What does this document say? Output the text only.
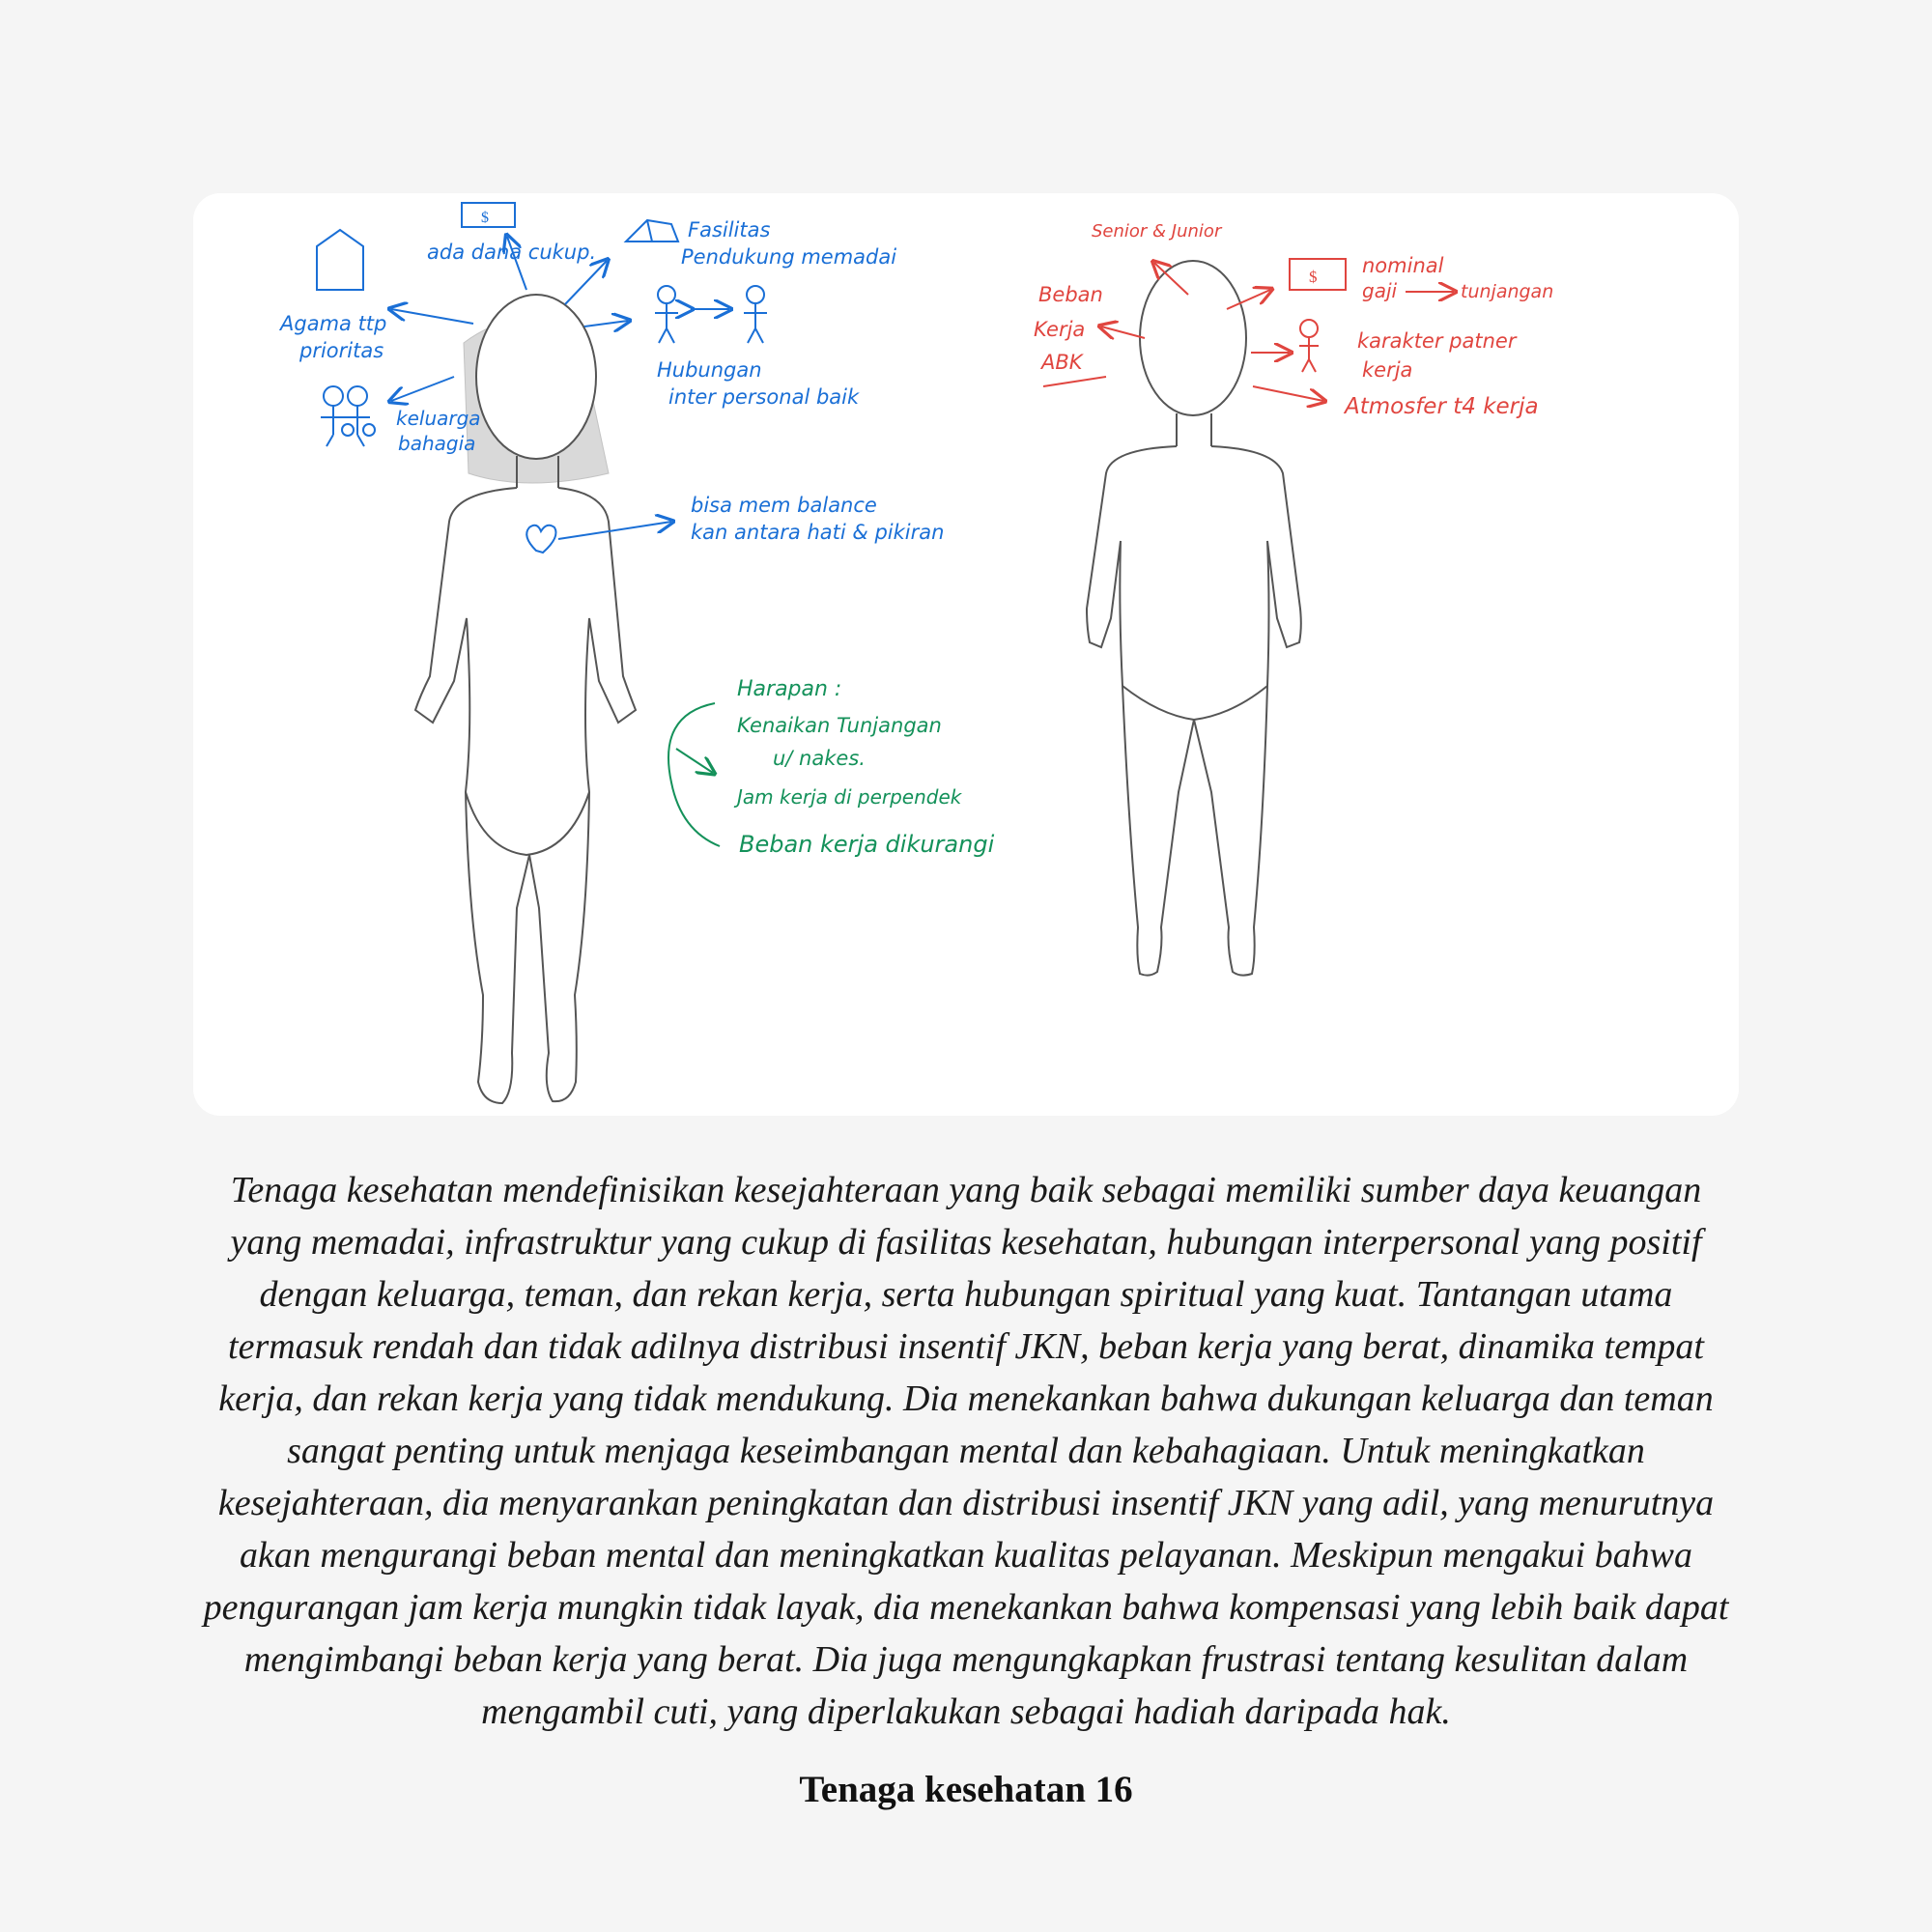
$
ada dana cukup.
Agama ttp
prioritas
Fasilitas
Pendukung memadai
Hubungan
inter personal baik
keluarga
bahagia
bisa mem balance
kan antara hati & pikiran
Harapan :
Kenaikan Tunjangan
u/ nakes.
Jam kerja di perpendek
Beban kerja dikurangi
Senior & Junior
Beban
Kerja
ABK
$ nominal
gaji	tunjangan
karakter patner
kerja
Atmosfer t4 kerja
Tenaga kesehatan mendefinisikan kesejahteraan yang baik sebagai memiliki sumber daya keuangan yang memadai, infrastruktur yang cukup di fasilitas kesehatan, hubungan interpersonal yang positif dengan keluarga, teman, dan rekan kerja, serta hubungan spiritual yang kuat. Tantangan utama termasuk rendah dan tidak adilnya distribusi insentif JKN, beban kerja yang berat, dinamika tempat kerja, dan rekan kerja yang tidak mendukung. Dia menekankan bahwa dukungan keluarga dan teman sangat penting untuk menjaga keseimbangan mental dan kebahagiaan. Untuk meningkatkan kesejahteraan, dia menyarankan peningkatan dan distribusi insentif JKN yang adil, yang menurutnya akan mengurangi beban mental dan meningkatkan kualitas pelayanan. Meskipun mengakui bahwa pengurangan jam kerja mungkin tidak layak, dia menekankan bahwa kompensasi yang lebih baik dapat mengimbangi beban kerja yang berat. Dia juga mengungkapkan frustrasi tentang kesulitan dalam mengambil cuti, yang diperlakukan sebagai hadiah daripada hak.
Tenaga kesehatan 16
